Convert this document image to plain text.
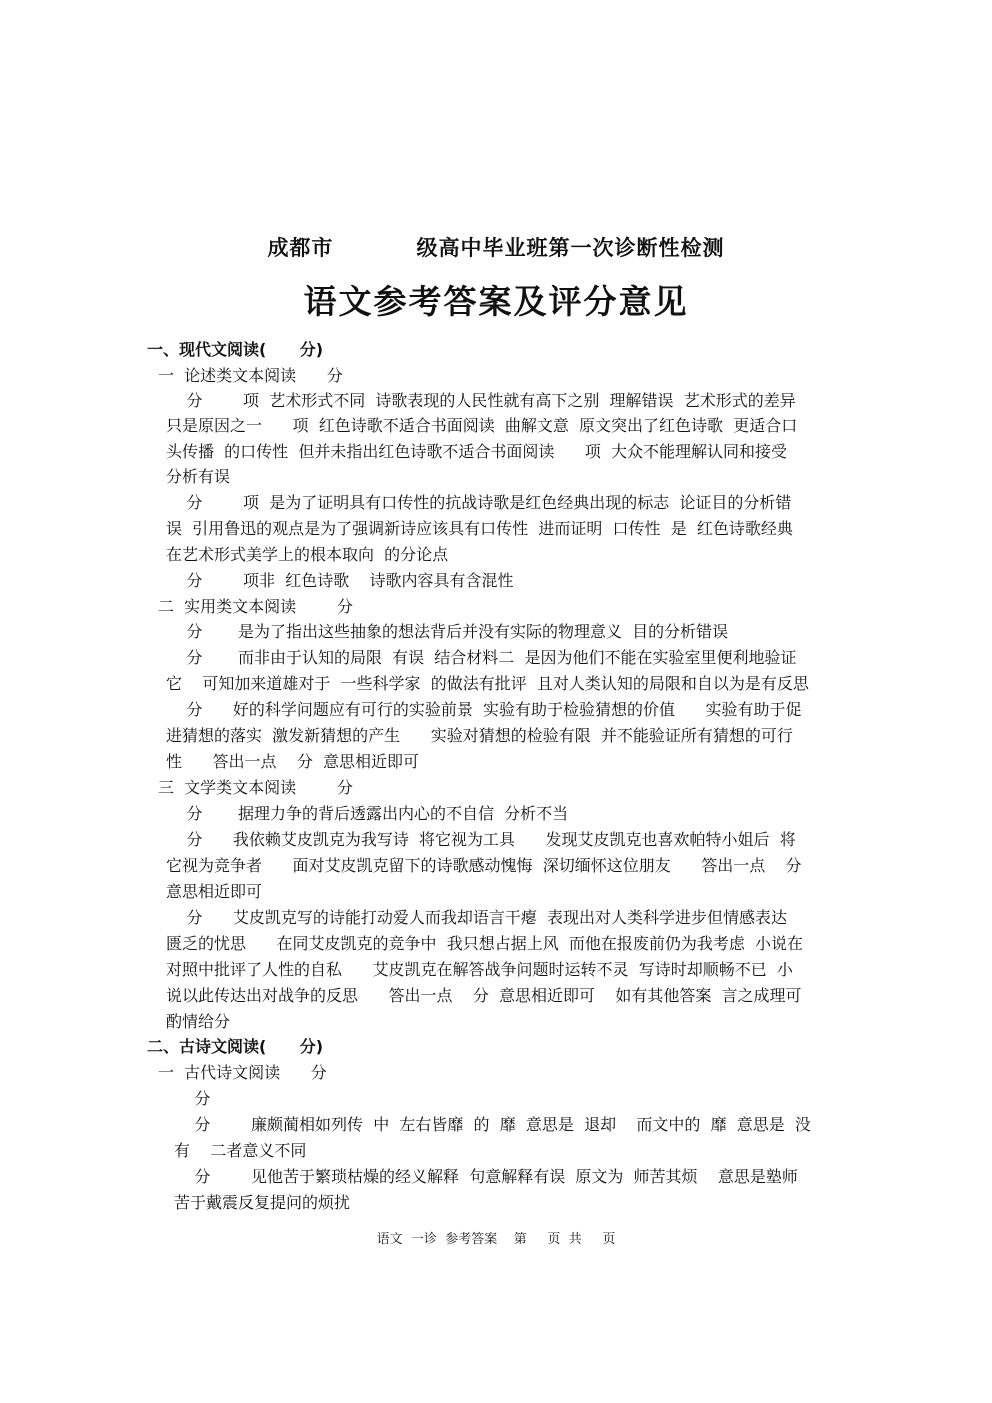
成都市          级高中毕业班第一次诊断性检测
语文参考答案及评分意见
一、现代文阅读(      分)
二、古诗文阅读(      分)
一  论述类文本阅读      分
分        项  艺术形式不同  诗歌表现的人民性就有高下之别  理解错误  艺术形式的差异
只是原因之一      项  红色诗歌不适合书面阅读  曲解文意  原文突出了红色诗歌  更适合口
头传播  的口传性  但并未指出红色诗歌不适合书面阅读      项  大众不能理解认同和接受
分析有误
分        项  是为了证明具有口传性的抗战诗歌是红色经典出现的标志  论证目的分析错
误  引用鲁迅的观点是为了强调新诗应该具有口传性  进而证明  口传性  是  红色诗歌经典
在艺术形式美学上的根本取向  的分论点
分        项非  红色诗歌    诗歌内容具有含混性
二  实用类文本阅读        分
分       是为了指出这些抽象的想法背后并没有实际的物理意义  目的分析错误
分       而非由于认知的局限  有误  结合材料二  是因为他们不能在实验室里便利地验证
它    可知加来道雄对于  一些科学家  的做法有批评  且对人类认知的局限和自以为是有反思
分      好的科学问题应有可行的实验前景  实验有助于检验猜想的价值      实验有助于促
进猜想的落实  激发新猜想的产生      实验对猜想的检验有限  并不能验证所有猜想的可行
性      答出一点    分  意思相近即可
三  文学类文本阅读        分
分       据理力争的背后透露出内心的不自信  分析不当
分      我依赖艾皮凯克为我写诗  将它视为工具      发现艾皮凯克也喜欢帕特小姐后  将
它视为竞争者      面对艾皮凯克留下的诗歌感动愧悔  深切缅怀这位朋友      答出一点    分
意思相近即可
分      艾皮凯克写的诗能打动爱人而我却语言干瘪  表现出对人类科学进步但情感表达
匮乏的忧思      在同艾皮凯克的竞争中  我只想占据上风  而他在报废前仍为我考虑  小说在
对照中批评了人性的自私      艾皮凯克在解答战争问题时运转不灵  写诗时却顺畅不已  小
说以此传达出对战争的反思      答出一点    分  意思相近即可    如有其他答案  言之成理可
酌情给分
一  古代诗文阅读      分
分
分        廉颇蔺相如列传  中  左右皆靡  的  靡  意思是  退却    而文中的  靡  意思是  没
有    二者意义不同
分        见他苦于繁琐枯燥的经义解释  句意解释有误  原文为  师苦其烦    意思是塾师
苦于戴震反复提问的烦扰
语文  一诊  参考答案    第     页  共     页
